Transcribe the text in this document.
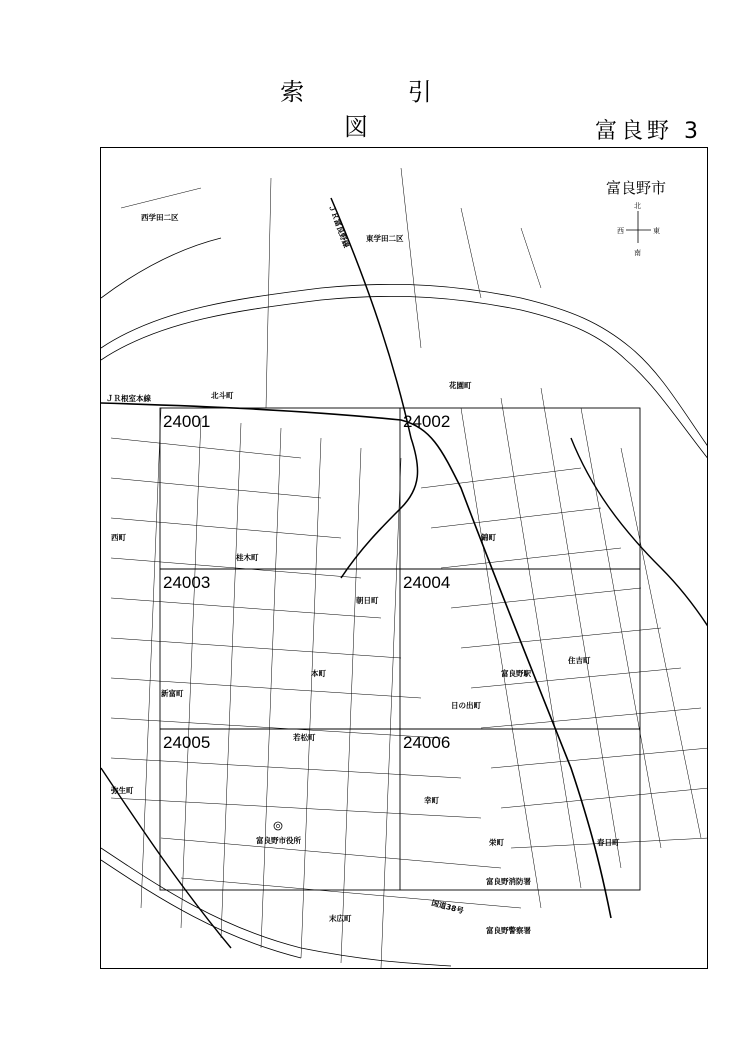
索 引 図	富良野 3
24001	24002
24003	24004
24005	24006
富良野市
北
南
東
西
西学田二区
東学田二区
ＪＲ富良野線
ＪＲ根室本線	北斗町
花園町
西町
桂木町
錦町
朝日町
本町
新富町
富良野駅
住吉町
日の出町
若松町
弥生町
幸町
富良野市役所	栄町	春日町
富良野消防署
国道38号
末広町
富良野警察署
